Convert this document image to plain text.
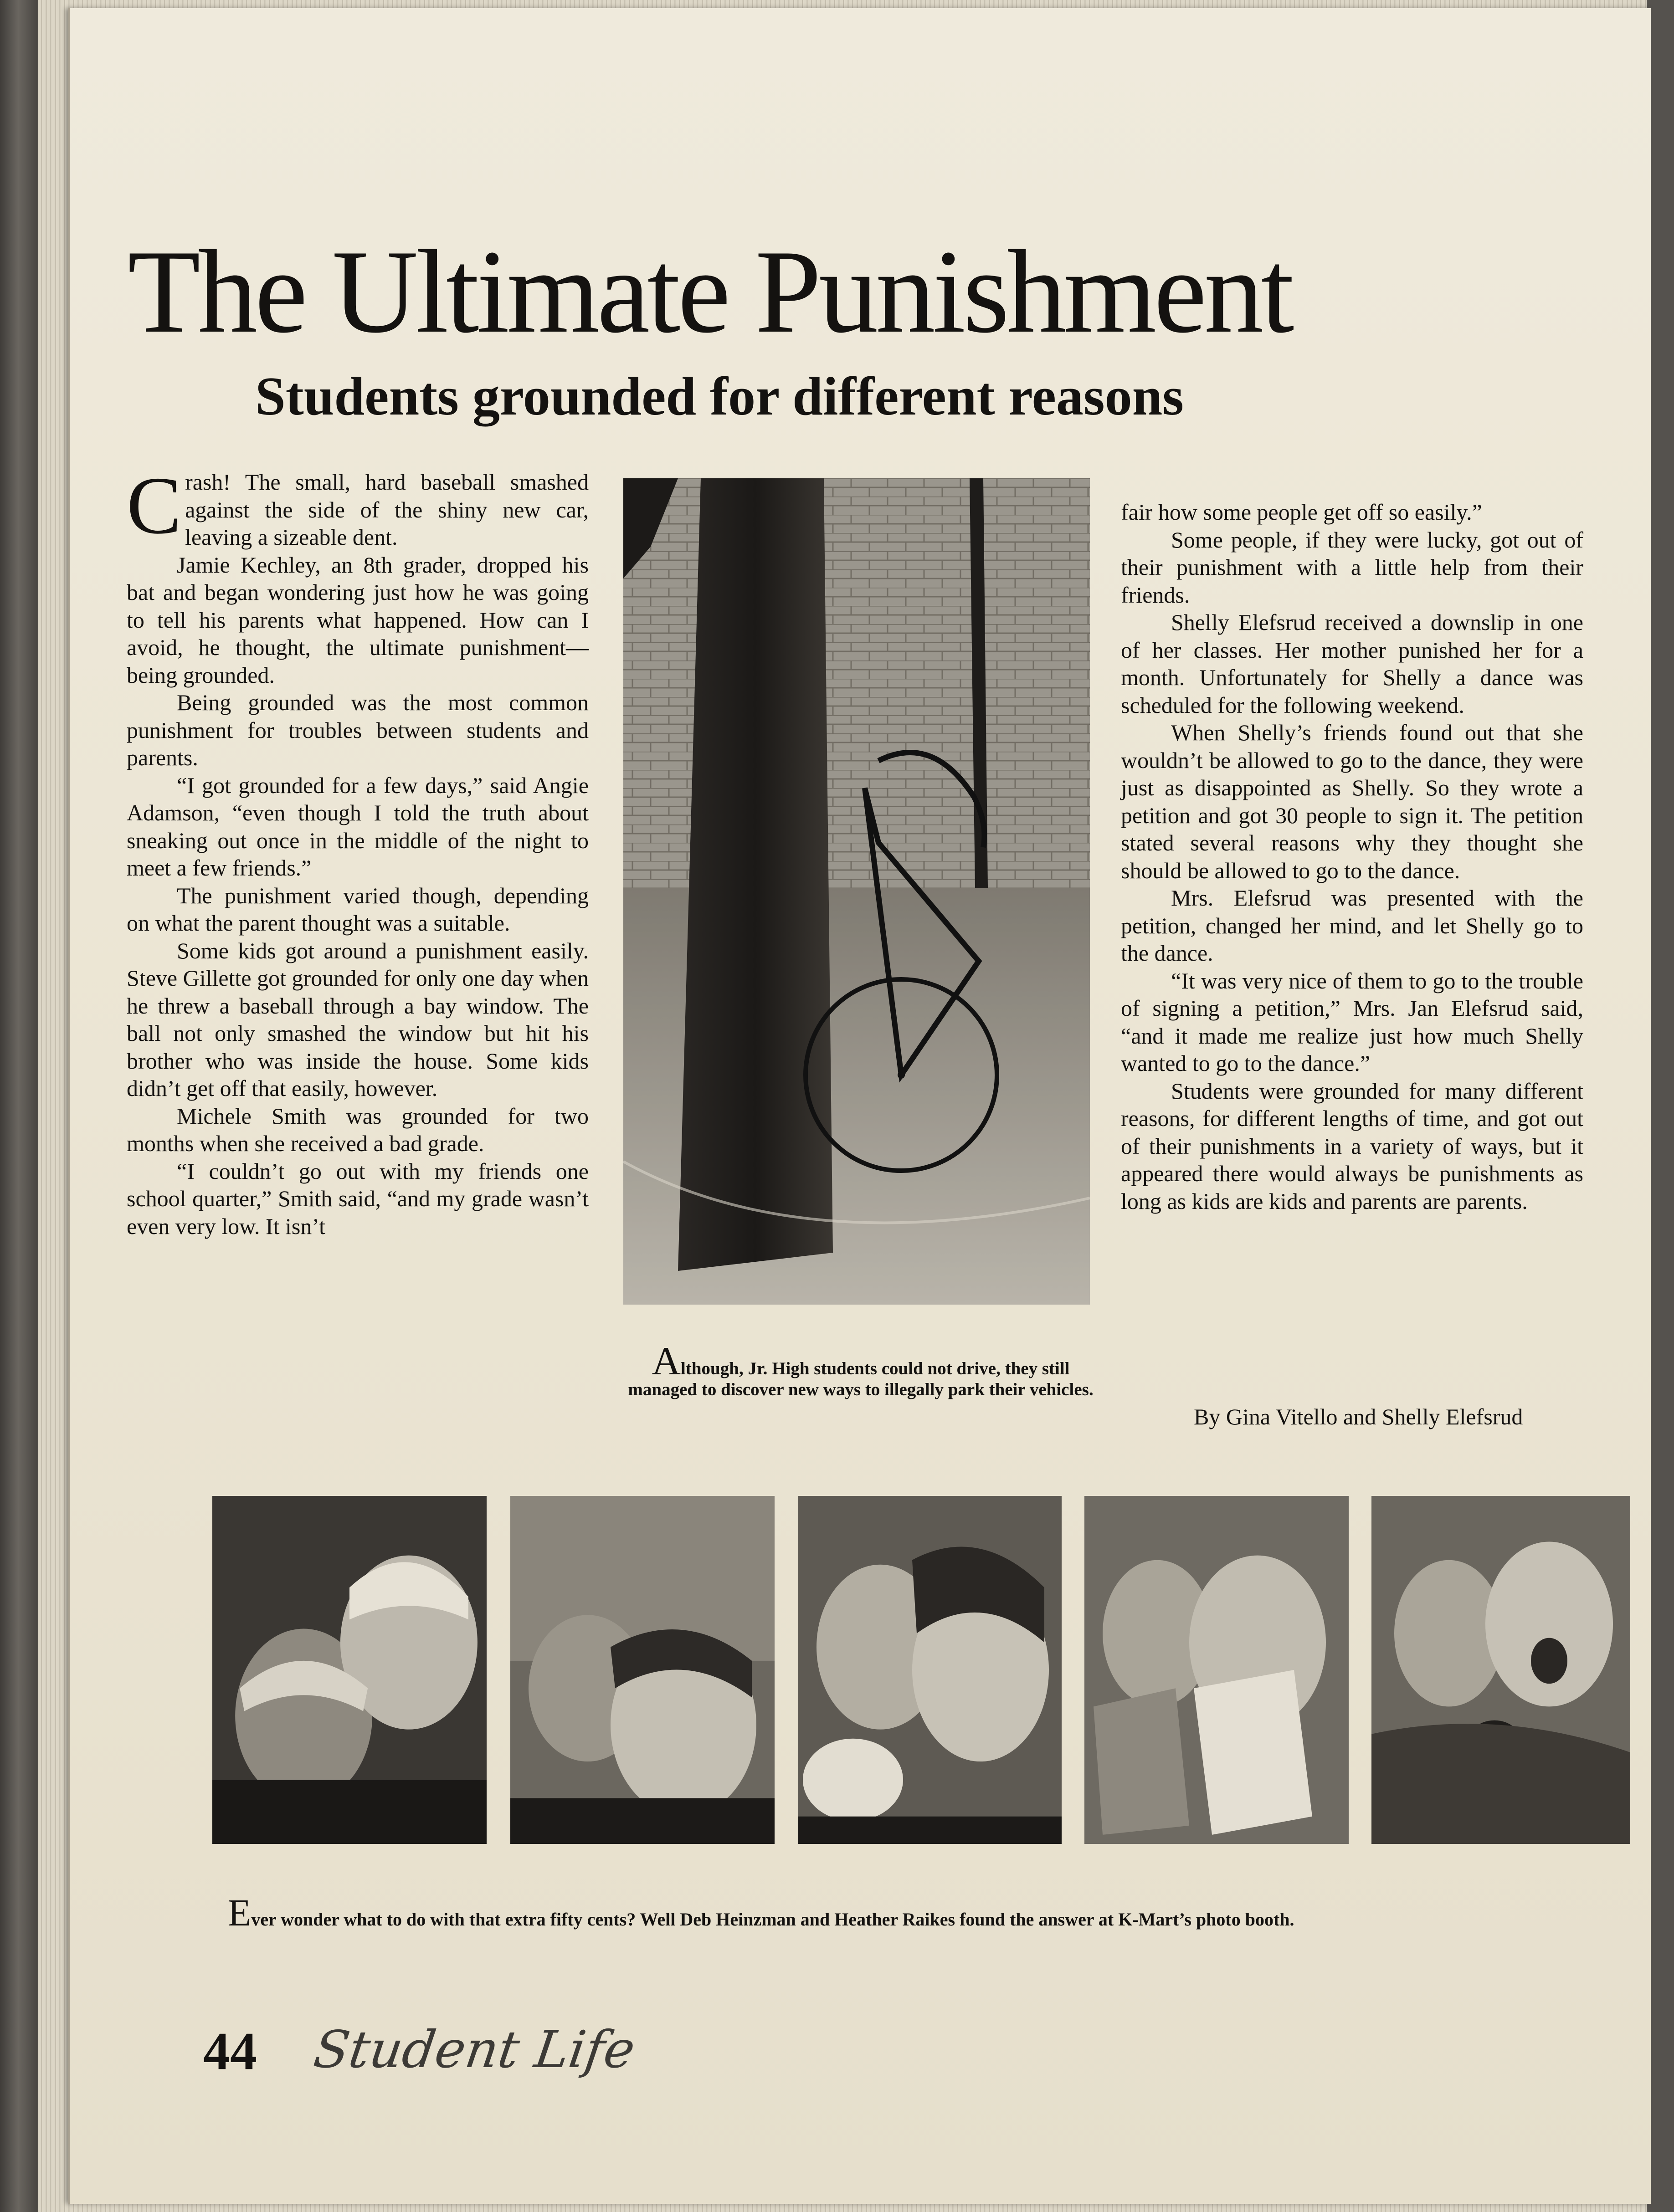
The Ultimate Punishment
Students grounded for different reasons

Crash! The small, hard baseball smashed against the side of the shiny new car, leaving a sizeable dent.

Jamie Kechley, an 8th grader, dropped his bat and began wondering just how he was going to tell his parents what happened. How can I avoid, he thought, the ultimate punishment—being grounded.

Being grounded was the most common punishment for troubles between students and parents.

“I got grounded for a few days,” said Angie Adamson, “even though I told the truth about sneaking out once in the middle of the night to meet a few friends.”

The punishment varied though, depending on what the parent thought was a suitable.

Some kids got around a punishment easily. Steve Gillette got grounded for only one day when he threw a baseball through a bay window. The ball not only smashed the window but hit his brother who was inside the house. Some kids didn’t get off that easily, however.

Michele Smith was grounded for two months when she received a bad grade.

“I couldn’t go out with my friends one school quarter,” Smith said, “and my grade wasn’t even very low. It isn’t

Although, Jr. High students could not drive, they still managed to discover new ways to illegally park their vehicles.

fair how some people get off so easily.”

Some people, if they were lucky, got out of their punishment with a little help from their friends.

Shelly Elefsrud received a downslip in one of her classes. Her mother punished her for a month. Unfortunately for Shelly a dance was scheduled for the following weekend.

When Shelly’s friends found out that she wouldn’t be allowed to go to the dance, they were just as disappointed as Shelly. So they wrote a petition and got 30 people to sign it. The petition stated several reasons why they thought she should be allowed to go to the dance.

Mrs. Elefsrud was presented with the petition, changed her mind, and let Shelly go to the dance.

“It was very nice of them to go to the trouble of signing a petition,” Mrs. Jan Elefsrud said, “and it made me realize just how much Shelly wanted to go to the dance.”

Students were grounded for many different reasons, for different lengths of time, and got out of their punishments in a variety of ways, but it appeared there would always be punishments as long as kids are kids and parents are parents.

By Gina Vitello and Shelly Elefsrud
Ever wonder what to do with that extra fifty cents? Well Deb Heinzman and Heather Raikes found the answer at K-Mart’s photo booth.
44 Student Life
